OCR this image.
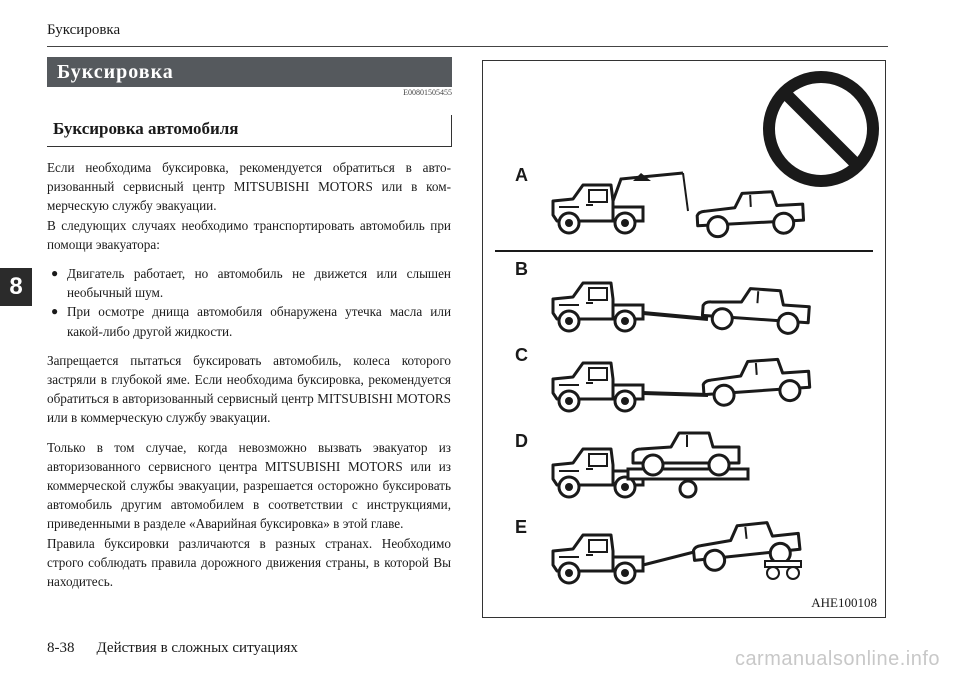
Буксировка
8
Буксировка
E00801505455
Буксировка автомобиля

Если необходима буксировка, рекомендуется обратиться в авторизованный сервисный центр MITSUBISHI MOTORS или в коммерческую службу эвакуации.

В следующих случаях необходимо транспортировать автомобиль при помощи эвакуатора:

● Двигатель работает, но автомобиль не движется или слышен необычный шум.
● При осмотре днища автомобиля обнаружена утечка масла или какой-либо другой жидкости.

Запрещается пытаться буксировать автомобиль, колеса которого застряли в глубокой яме. Если необходима буксировка, рекомендуется обратиться в авторизованный сервисный центр MITSUBISHI MOTORS или в коммерческую службу эвакуации.

Только в том случае, когда невозможно вызвать эвакуатор из авторизованного сервисного центра MITSUBISHI MOTORS или из коммерческой службы эвакуации, разрешается осторожно буксировать автомобиль другим автомобилем в соответствии с инструкциями, приведенными в разделе «Аварийная буксировка» в этой главе.

Правила буксировки различаются в разных странах. Необходимо строго соблюдать правила дорожного движения страны, в которой Вы находитесь.

A
B
C
D
E
AHE100108
8-38 Действия в сложных ситуациях	carmanualsonline.info
